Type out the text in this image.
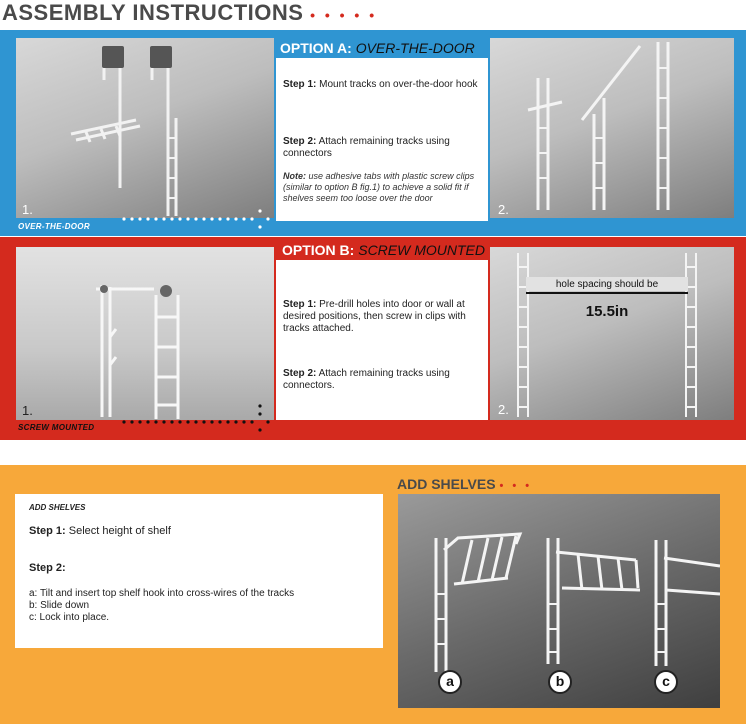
ASSEMBLY INSTRUCTIONS • • • • •
1.
OVER-THE-DOOR
OPTION A: OVER-THE-DOOR
Step 1: Mount tracks on over-the-door hook
Step 2: Attach remaining tracks using connectors
Note: use adhesive tabs with plastic screw clips (similar to option B fig.1) to achieve a solid fit if shelves seem too loose over the door
2.
1.
SCREW MOUNTED
OPTION B: SCREW MOUNTED
Step 1: Pre-drill holes into door or wall at desired positions, then screw in clips with tracks attached.
Step 2: Attach remaining tracks using connectors.
hole spacing should be
15.5in
2.
ADD SHELVES • • •
ADD SHELVES
Step 1: Select height of shelf
Step 2:
a: Tilt and insert top shelf hook into cross-wires of the tracks
b: Slide down
c: Lock into place.
a	b	c
